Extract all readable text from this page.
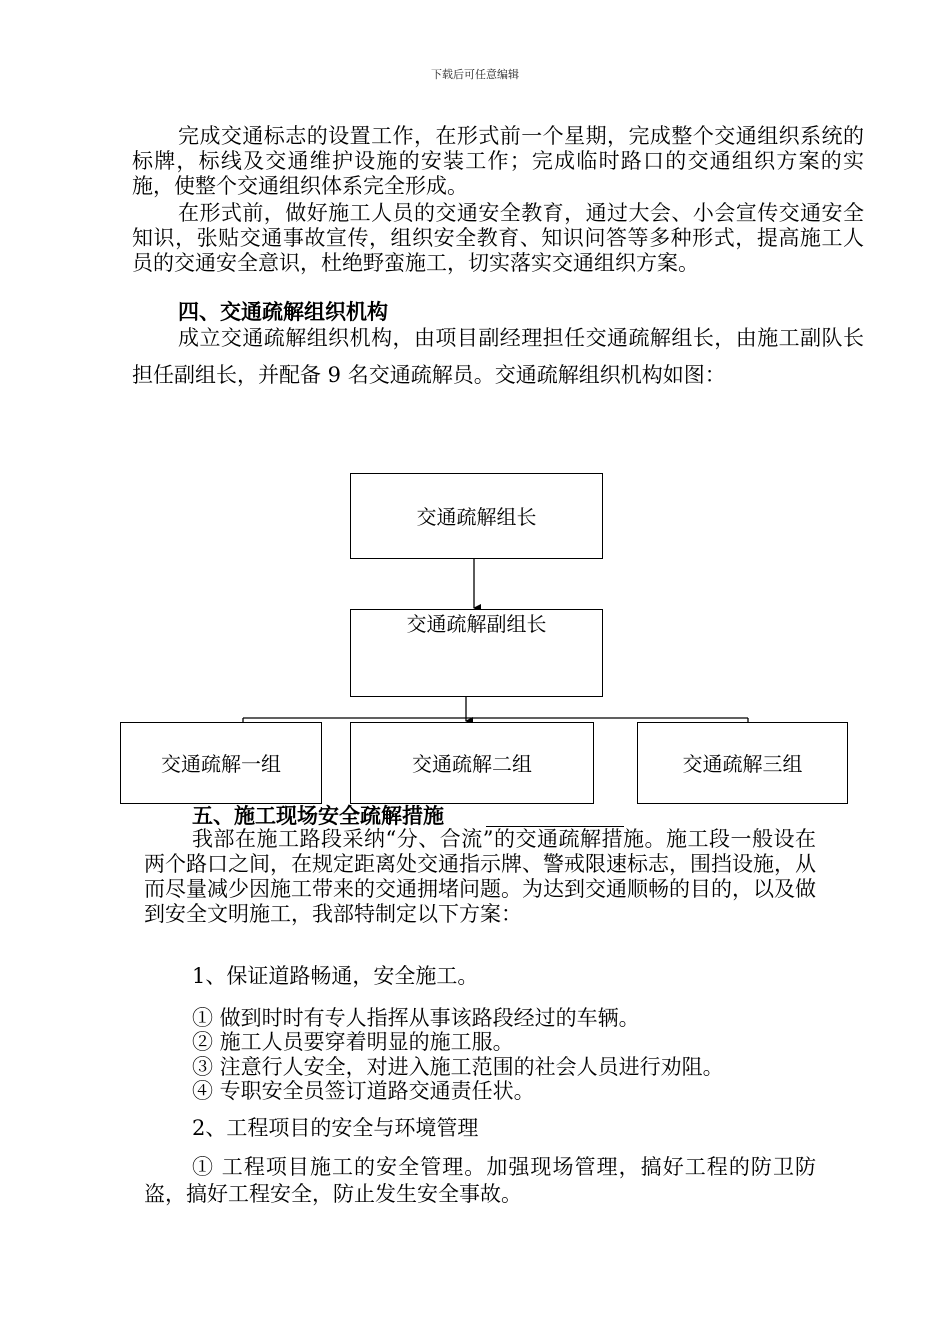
下载后可任意编辑
完成交通标志的设置工作，在形式前一个星期，完成整个交通组织系统的标牌，标线及交通维护设施的安装工作；完成临时路口的交通组织方案的实施，使整个交通组织体系完全形成。
在形式前，做好施工人员的交通安全教育，通过大会、小会宣传交通安全知识，张贴交通事故宣传，组织安全教育、知识问答等多种形式，提高施工人员的交通安全意识，杜绝野蛮施工，切实落实交通组织方案。
四、交通疏解组织机构
成立交通疏解组织机构，由项目副经理担任交通疏解组长，由施工副队长担任副组长，并配备 9 名交通疏解员。交通疏解组织机构如图：
交通疏解组长
交通疏解副组长
交通疏解一组	交通疏解二组	交通疏解三组
五、施工现场安全疏解措施
我部在施工路段采纳“分、合流”的交通疏解措施。施工段一般设在两个路口之间，在规定距离处交通指示牌、警戒限速标志，围挡设施，从而尽量减少因施工带来的交通拥堵问题。为达到交通顺畅的目的，以及做到安全文明施工，我部特制定以下方案：
1、保证道路畅通，安全施工。
① 做到时时有专人指挥从事该路段经过的车辆。
② 施工人员要穿着明显的施工服。
③ 注意行人安全，对进入施工范围的社会人员进行劝阻。
④ 专职安全员签订道路交通责任状。
2、工程项目的安全与环境管理
① 工程项目施工的安全管理。加强现场管理，搞好工程的防卫防盗，搞好工程安全，防止发生安全事故。
